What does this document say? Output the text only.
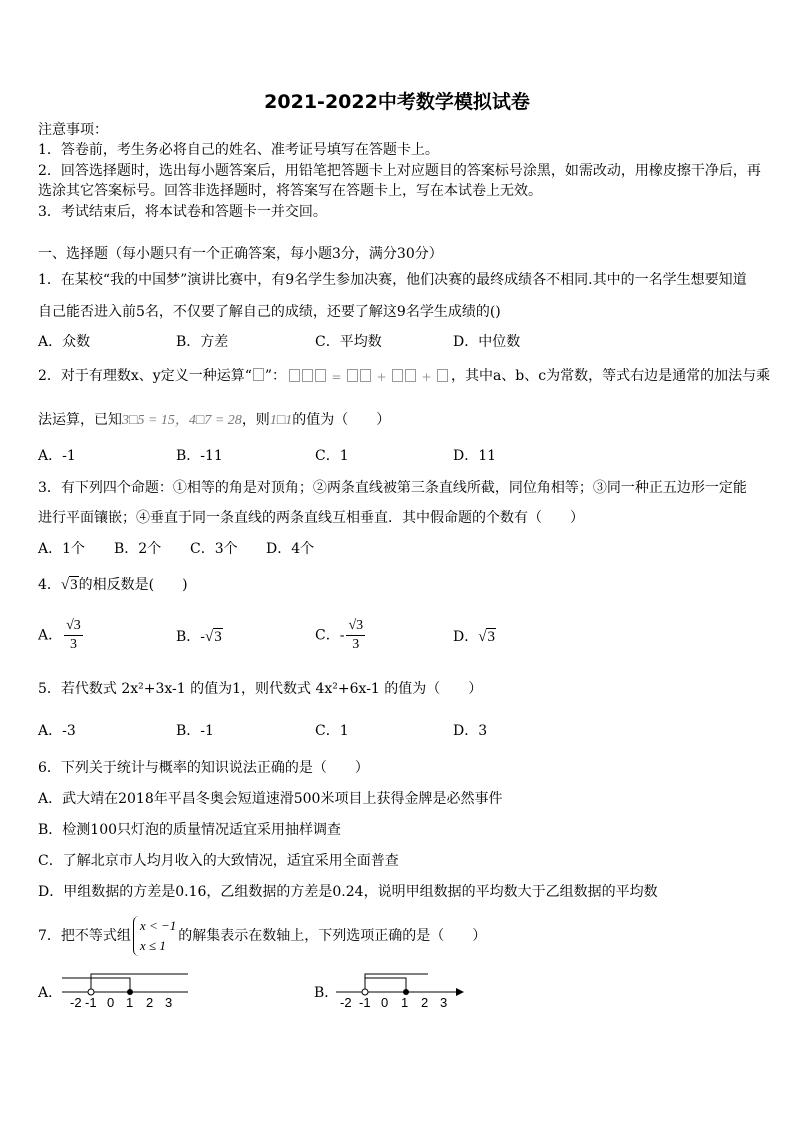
2021-2022中考数学模拟试卷
注意事项：
1．答卷前，考生务必将自己的姓名、准考证号填写在答题卡上。
2．回答选择题时，选出每小题答案后，用铅笔把答题卡上对应题目的答案标号涂黑，如需改动，用橡皮擦干净后，再
选涂其它答案标号。回答非选择题时，将答案写在答题卡上，写在本试卷上无效。
3．考试结束后，将本试卷和答题卡一并交回。
一、选择题（每小题只有一个正确答案，每小题3分，满分30分）
1．在某校“我的中国梦”演讲比赛中，有9名学生参加决赛，他们决赛的最终成绩各不相同.其中的一名学生想要知道
自己能否进入前5名，不仅要了解自己的成绩，还要了解这9名学生成绩的()
A．众数	B．方差	C．平均数	D．中位数
2．对于有理数x、y定义一种运算“ ”：	=	+	+ ，其中a、b、c为常数，等式右边是通常的加法与乘
法运算，已知3□5 = 15，4□7 = 28，则1□1的值为（　　）
A．-1	B．-11	C．1	D．11
3．有下列四个命题：①相等的角是对顶角；②两条直线被第三条直线所截，同位角相等；③同一种正五边形一定能
进行平面镶嵌；④垂直于同一条直线的两条直线互相垂直．其中假命题的个数有（　　）
A．1个 B．2个 C．3个 D．4个
4．√3的相反数是(　　)
A． $\frac{√3}{3}$	B．-√3	C．- $\frac{√3}{3}$	D．√3
5．若代数式 2x²+3x-1 的值为1，则代数式 4x²+6x-1 的值为（　　）
A．-3	B．-1	C．1	D．3
6．下列关于统计与概率的知识说法正确的是（　　）
A．武大靖在2018年平昌冬奥会短道速滑500米项目上获得金牌是必然事件
B．检测100只灯泡的质量情况适宜采用抽样调查
C．了解北京市人均月收入的大致情况，适宜采用全面普查
D．甲组数据的方差是0.16，乙组数据的方差是0.24，说明甲组数据的平均数大于乙组数据的平均数
7．把不等式组
x < −1
x ≤ 1
的解集表示在数轴上，下列选项正确的是（　　）
A．
-2 -1 0 1 2 3
B．
-2 -1 0 1 2 3
